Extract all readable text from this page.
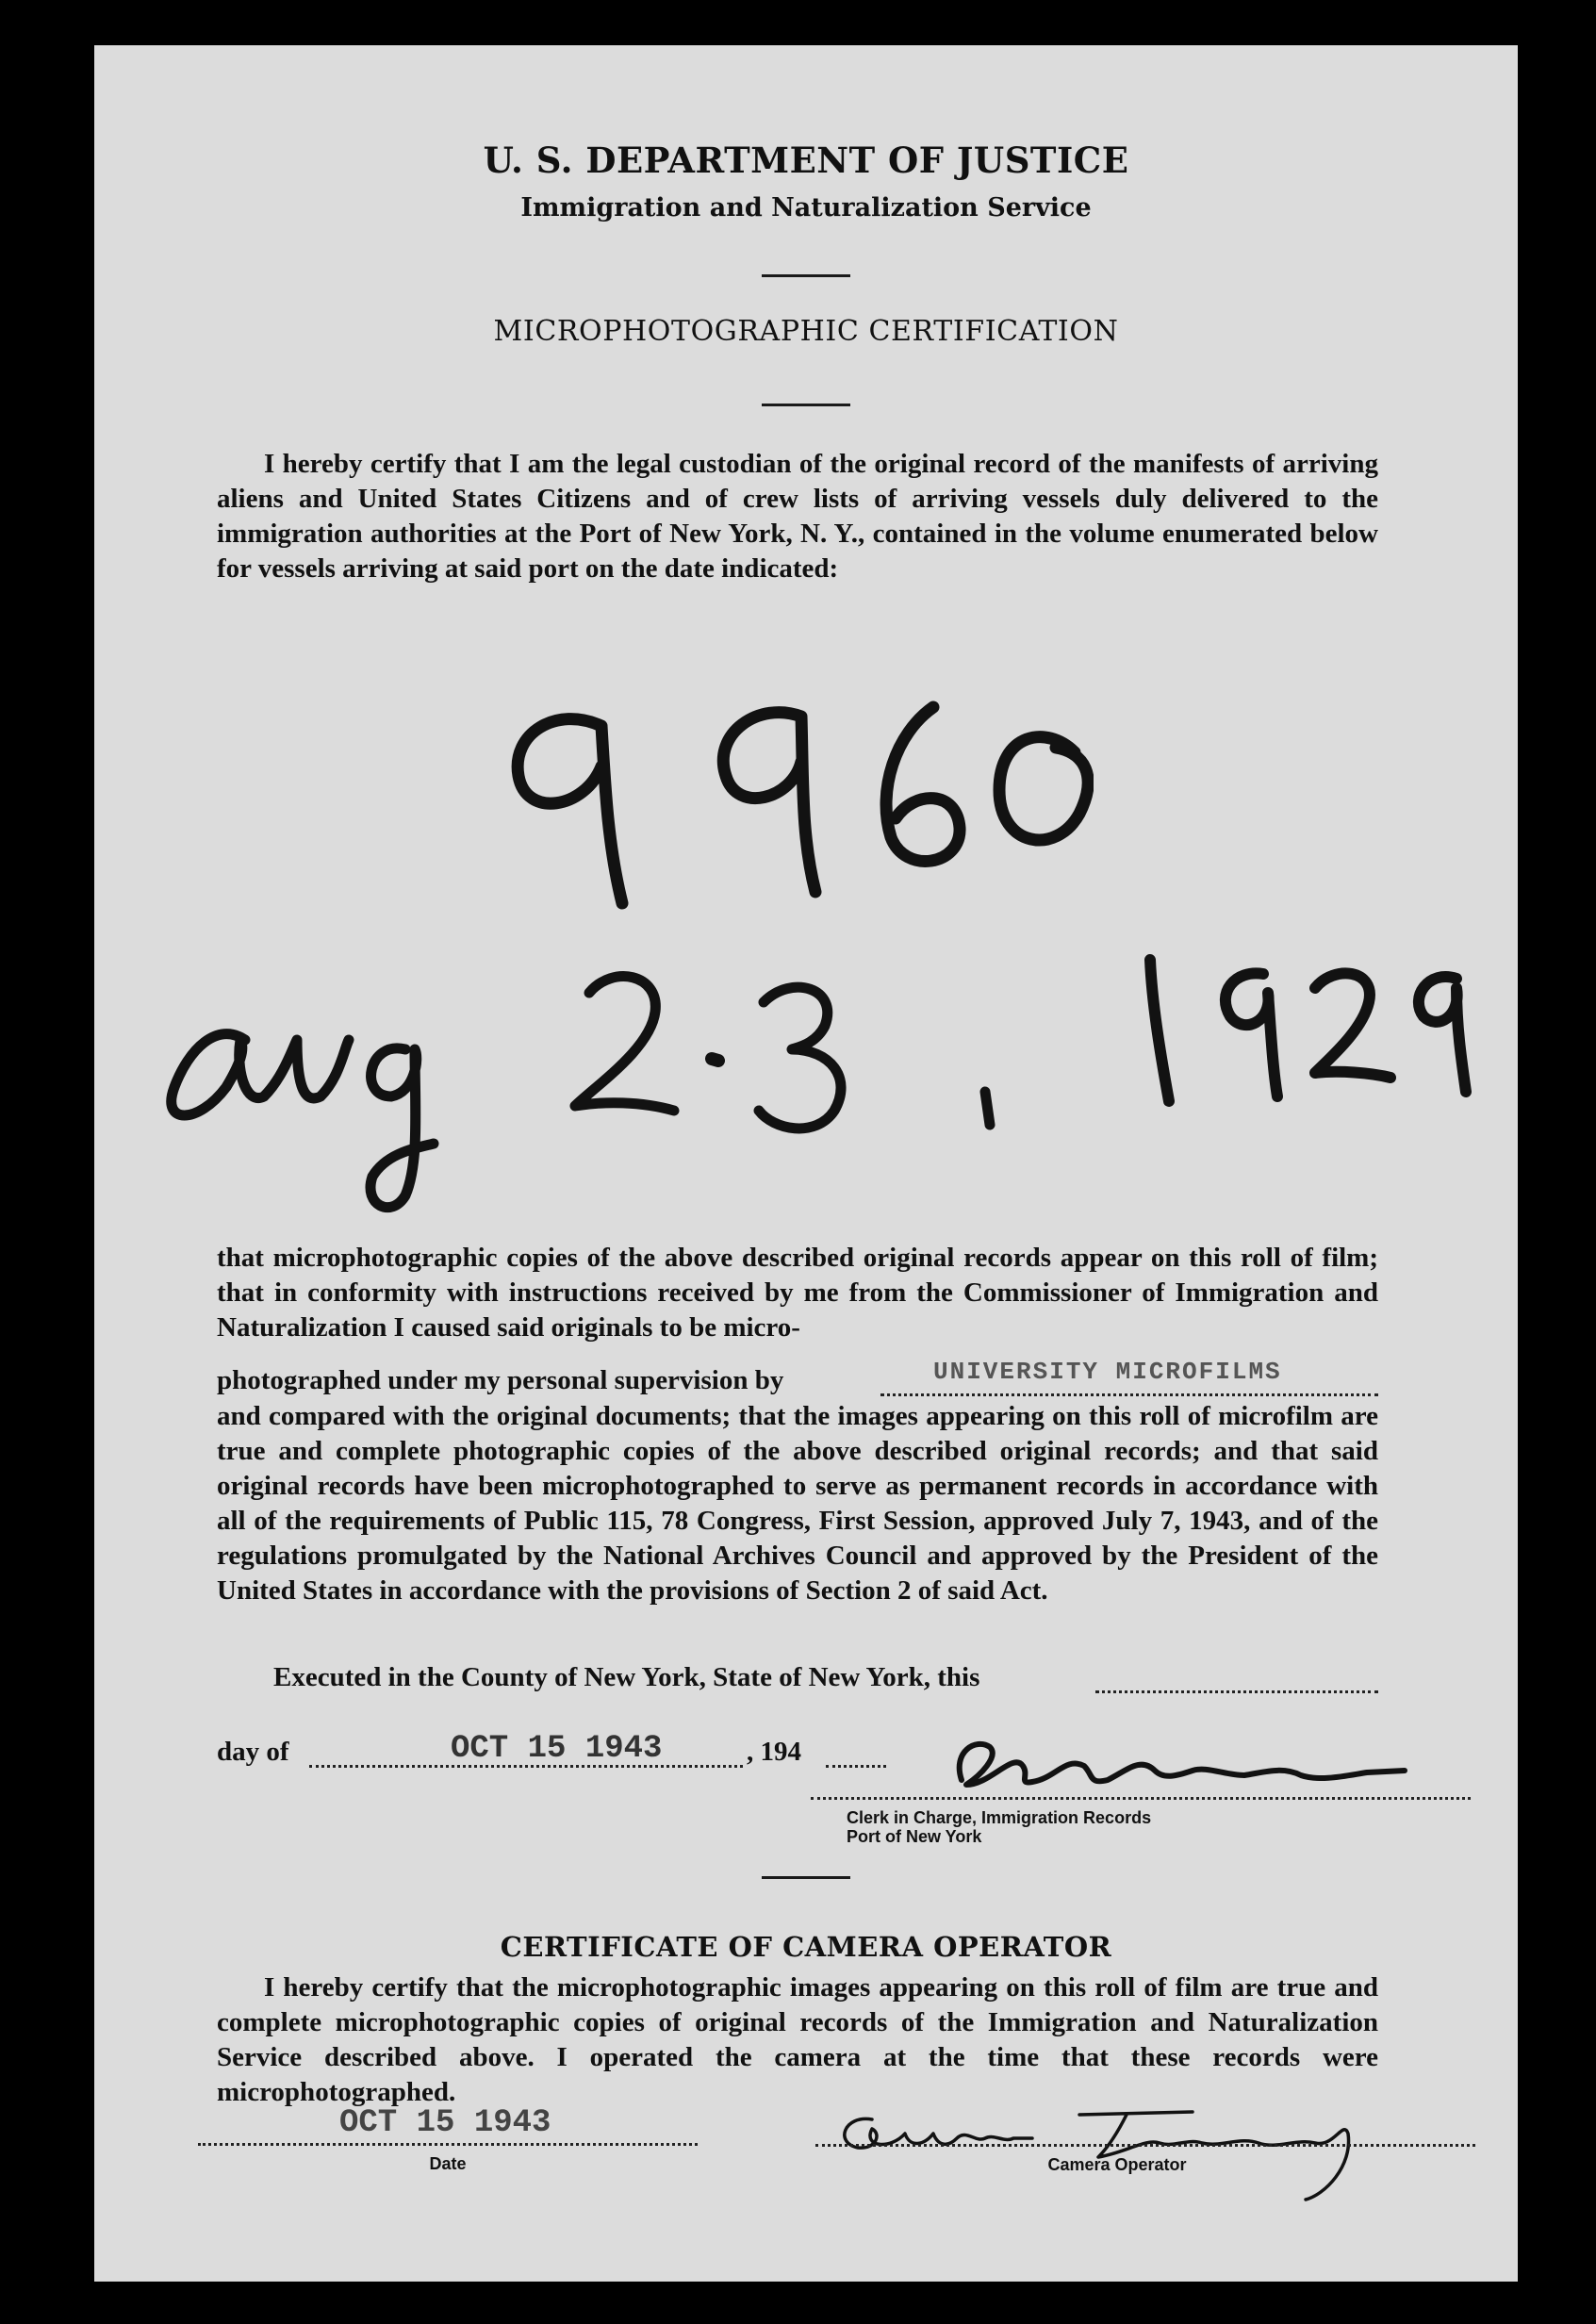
U. S. DEPARTMENT OF JUSTICE
Immigration and Naturalization Service
MICROPHOTOGRAPHIC CERTIFICATION
I hereby certify that I am the legal custodian of the original record of the manifests of arriving aliens and United States Citizens and of crew lists of arriving vessels duly delivered to the immigration authorities at the Port of New York, N. Y., contained in the volume enumerated below for vessels arriving at said port on the date indicated:
that microphotographic copies of the above described original records appear on this roll of film; that in conformity with instructions received by me from the Commissioner of Immigration and Naturalization I caused said originals to be micro-
photographed under my personal supervision by	UNIVERSITY MICROFILMS
and compared with the original documents; that the images appearing on this roll of microfilm are true and complete photographic copies of the above described original records; and that said original records have been microphotographed to serve as permanent records in accordance with all of the requirements of Public 115, 78 Congress, First Session, approved July 7, 1943, and of the regulations promulgated by the National Archives Council and approved by the President of the United States in accordance with the provisions of Section 2 of said Act.
Executed in the County of New York, State of New York, this
day of	OCT 15 1943	, 194
Clerk in Charge, Immigration Records
Port of New York
CERTIFICATE OF CAMERA OPERATOR
I hereby certify that the microphotographic images appearing on this roll of film are true and complete microphotographic copies of original records of the Immigration and Naturalization Service described above. I operated the camera at the time that these records were microphotographed.
OCT 15 1943
Date	Camera Operator
